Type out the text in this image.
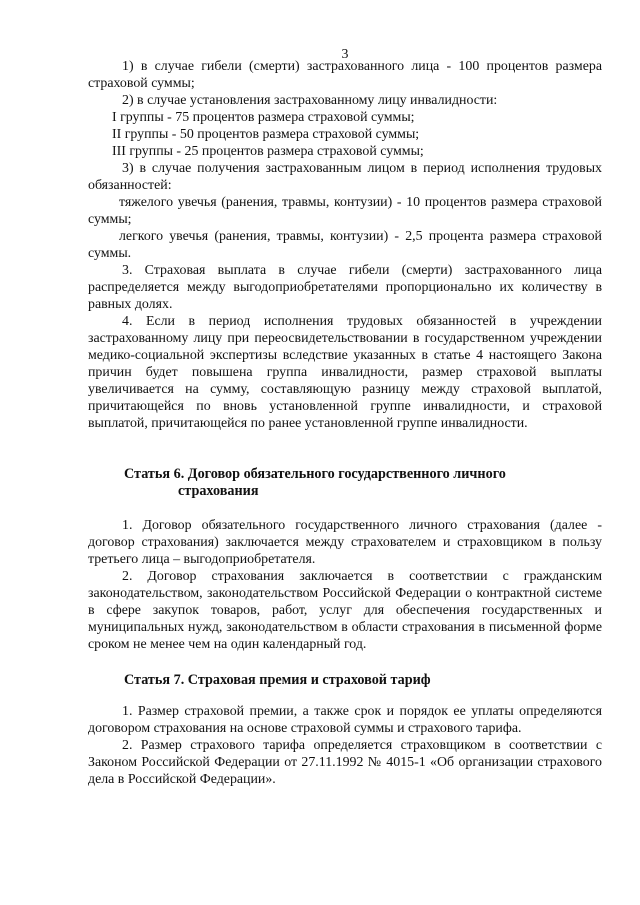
3

1) в случае гибели (смерти) застрахованного лица - 100 процентов размера страховой суммы;

2) в случае установления застрахованному лицу инвалидности:

I группы - 75 процентов размера страховой суммы;

II группы - 50 процентов размера страховой суммы;

III группы - 25 процентов размера страховой суммы;

3) в случае получения застрахованным лицом в период исполнения трудовых обязанностей:

тяжелого увечья (ранения, травмы, контузии) - 10 процентов размера страховой суммы;

легкого увечья (ранения, травмы, контузии) - 2,5 процента размера страховой суммы.

3. Страховая выплата в случае гибели (смерти) застрахованного лица распределяется между выгодоприобретателями пропорционально их количеству в равных долях.

4. Если в период исполнения трудовых обязанностей в учреждении застрахованному лицу при переосвидетельствовании в государственном учреждении медико-социальной экспертизы вследствие указанных в статье 4 настоящего Закона причин будет повышена группа инвалидности, размер страховой выплаты увеличивается на сумму, составляющую разницу между страховой выплатой, причитающейся по вновь установленной группе инвалидности, и страховой выплатой, причитающейся по ранее установленной группе инвалидности.

Статья 6. Договор обязательного государственного личного
страхования

1. Договор обязательного государственного личного страхования (далее - договор страхования) заключается между страхователем и страховщиком в пользу третьего лица – выгодоприобретателя.

2. Договор страхования заключается в соответствии с гражданским законодательством, законодательством Российской Федерации о контрактной системе в сфере закупок товаров, работ, услуг для обеспечения государственных и муниципальных нужд, законодательством в области страхования в письменной форме сроком не менее чем на один календарный год.

Статья 7. Страховая премия и страховой тариф

1. Размер страховой премии, а также срок и порядок ее уплаты определяются договором страхования на основе страховой суммы и страхового тарифа.

2. Размер страхового тарифа определяется страховщиком в соответствии с Законом Российской Федерации от 27.11.1992 № 4015-1 «Об организации страхового дела в Российской Федерации».
